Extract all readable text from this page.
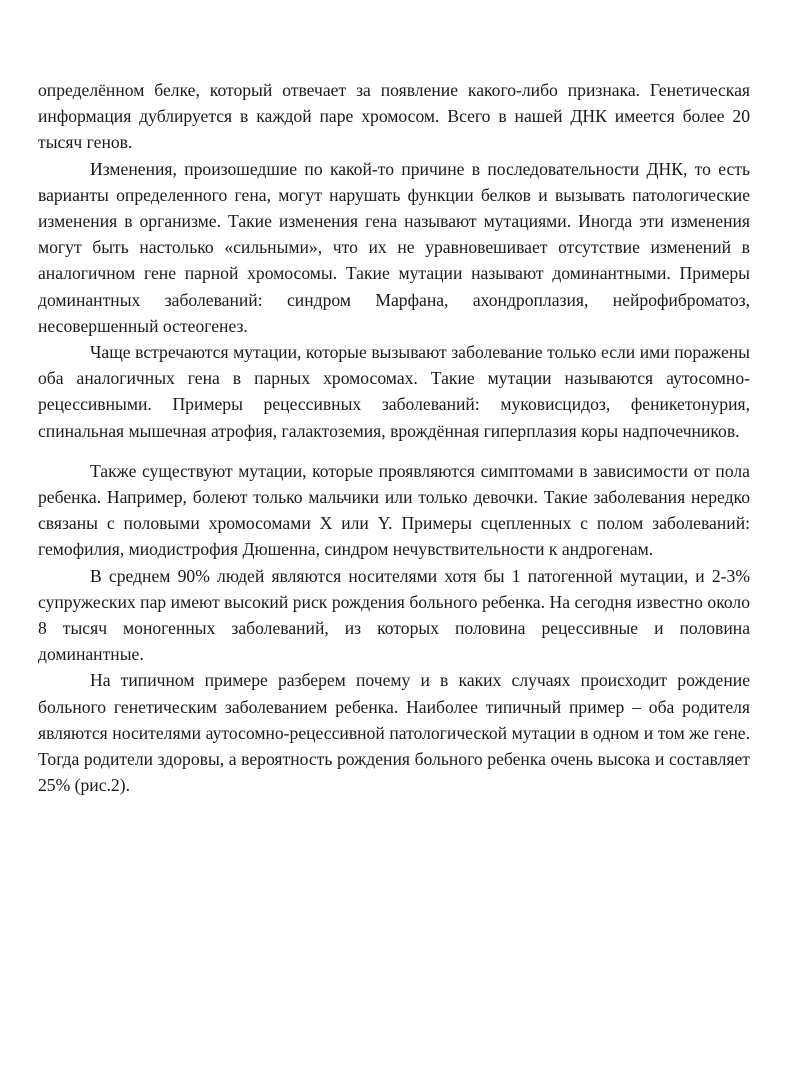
определённом белке, который отвечает за появление какого-либо признака. Генетическая информация дублируется в каждой паре хромосом. Всего в нашей ДНК имеется более 20 тысяч генов.

Изменения, произошедшие по какой-то причине в последовательности ДНК, то есть варианты определенного гена, могут нарушать функции белков и вызывать патологические изменения в организме. Такие изменения гена называют мутациями. Иногда эти изменения могут быть настолько «сильными», что их не уравновешивает отсутствие изменений в аналогичном гене парной хромосомы. Такие мутации называют доминантными. Примеры доминантных заболеваний: синдром Марфана, ахондроплазия, нейрофиброматоз, несовершенный остеогенез.

Чаще встречаются мутации, которые вызывают заболевание только если ими поражены оба аналогичных гена в парных хромосомах. Такие мутации называются аутосомно-рецессивными. Примеры рецессивных заболеваний: муковисцидоз, феникетонурия, спинальная мышечная атрофия, галактоземия, врождённая гиперплазия коры надпочечников.

Также существуют мутации, которые проявляются симптомами в зависимости от пола ребенка. Например, болеют только мальчики или только девочки. Такие заболевания нередко связаны с половыми хромосомами X или Y. Примеры сцепленных с полом заболеваний: гемофилия, миодистрофия Дюшенна, синдром нечувствительности к андрогенам.

В среднем 90% людей являются носителями хотя бы 1 патогенной мутации, и 2-3% супружеских пар имеют высокий риск рождения больного ребенка. На сегодня известно около 8 тысяч моногенных заболеваний, из которых половина рецессивные и половина доминантные.

На типичном примере разберем почему и в каких случаях происходит рождение больного генетическим заболеванием ребенка. Наиболее типичный пример – оба родителя являются носителями аутосомно-рецессивной патологической мутации в одном и том же гене. Тогда родители здоровы, а вероятность рождения больного ребенка очень высока и составляет 25% (рис.2).
